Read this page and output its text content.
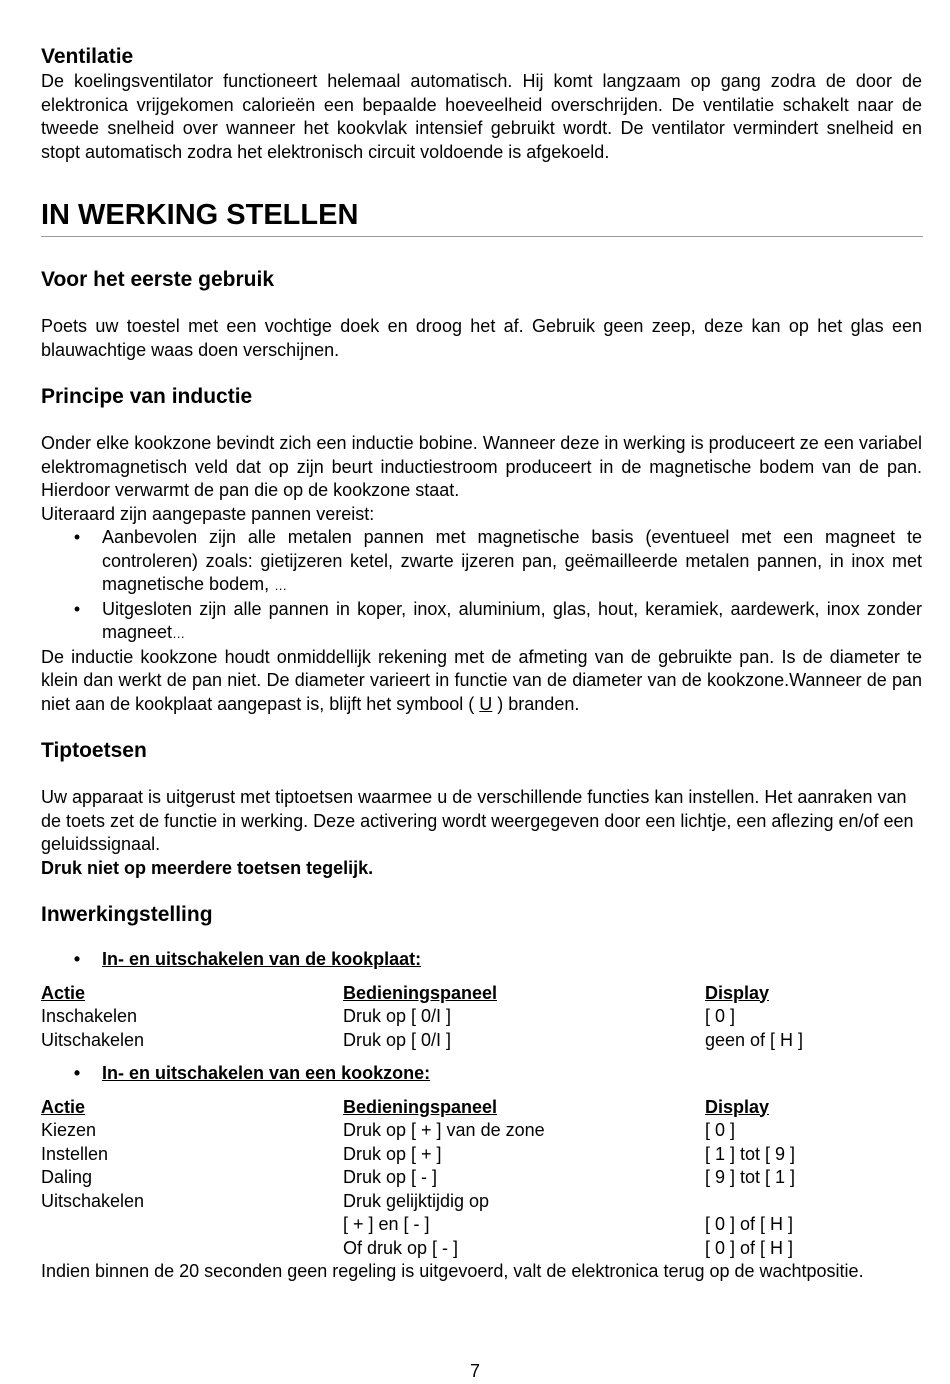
Ventilatie

De koelingsventilator functioneert helemaal automatisch. Hij komt langzaam op gang zodra de door de elektronica vrijgekomen calorieën een bepaalde hoeveelheid overschrijden. De ventilatie schakelt naar de tweede snelheid over wanneer het kookvlak intensief gebruikt wordt. De ventilator vermindert snelheid en stopt automatisch zodra het elektronisch circuit voldoende is afgekoeld.

IN WERKING STELLEN
Voor het eerste gebruik

Poets uw toestel met een vochtige doek en droog het af. Gebruik geen zeep, deze kan op het glas een blauwachtige waas doen verschijnen.

Principe van inductie

Onder elke kookzone bevindt zich een inductie bobine. Wanneer deze in werking is produceert ze een variabel elektromagnetisch veld dat op zijn beurt inductiestroom produceert in de magnetische bodem van de pan. Hierdoor verwarmt de pan die op de kookzone staat.

Uiteraard zijn aangepaste pannen vereist:

• Aanbevolen zijn alle metalen pannen met magnetische basis (eventueel met een magneet te controleren) zoals: gietijzeren ketel, zwarte ijzeren pan, geëmailleerde metalen pannen, in inox met magnetische bodem, …
• Uitgesloten zijn alle pannen in koper, inox, aluminium, glas, hout, keramiek, aardewerk, inox zonder magneet…

De inductie kookzone houdt onmiddellijk rekening met de afmeting van de gebruikte pan. Is de diameter te klein dan werkt de pan niet. De diameter varieert in functie van de diameter van de kookzone.Wanneer de pan niet aan de kookplaat aangepast is, blijft het symbool ( U ) branden.

Tiptoetsen

Uw apparaat is uitgerust met tiptoetsen waarmee u de verschillende functies kan instellen. Het aanraken van de toets zet de functie in werking. Deze activering wordt weergegeven door een lichtje, een aflezing en/of een geluidssignaal.

Druk niet op meerdere toetsen tegelijk.

Inwerkingstelling
• In- en uitschakelen van de kookplaat:
Actie	Bedieningspaneel	Display
Inschakelen	Druk op [ 0/I ]	[ 0 ]
Uitschakelen	Druk op [ 0/I ]	geen of [ H ]
• In- en uitschakelen van een kookzone:
Actie	Bedieningspaneel	Display
Kiezen	Druk op [ + ] van de zone	[ 0 ]
Instellen	Druk op [ + ]	[ 1 ] tot [ 9 ]
Daling	Druk op [ - ]	[ 9 ] tot [ 1 ]
Uitschakelen	Druk gelijktijdig op	
	[ + ] en [ - ]	[ 0 ] of [ H ]
	Of druk op [ - ]	[ 0 ] of [ H ]

Indien binnen de 20 seconden geen regeling is uitgevoerd, valt de elektronica terug op de wachtpositie.

7
